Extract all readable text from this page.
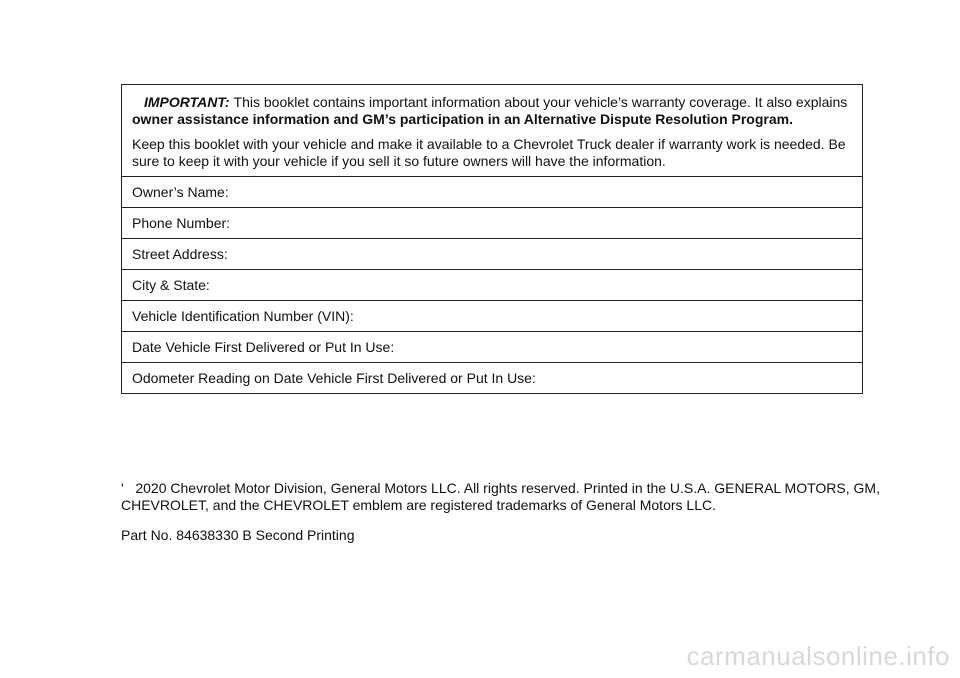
IMPORTANT: This booklet contains important information about your vehicle’s warranty coverage. It also explains owner assistance information and GM’s participation in an Alternative Dispute Resolution Program.

Keep this booklet with your vehicle and make it available to a Chevrolet Truck dealer if warranty work is needed. Be sure to keep it with your vehicle if you sell it so future owners will have the information.

Owner’s Name:
Phone Number:
Street Address:
City & State:
Vehicle Identification Number (VIN):
Date Vehicle First Delivered or Put In Use:
Odometer Reading on Date Vehicle First Delivered or Put In Use:

' 2020 Chevrolet Motor Division, General Motors LLC. All rights reserved. Printed in the U.S.A. GENERAL MOTORS, GM, CHEVROLET, and the CHEVROLET emblem are registered trademarks of General Motors LLC.

Part No. 84638330 B Second Printing

carmanualsonline.info
